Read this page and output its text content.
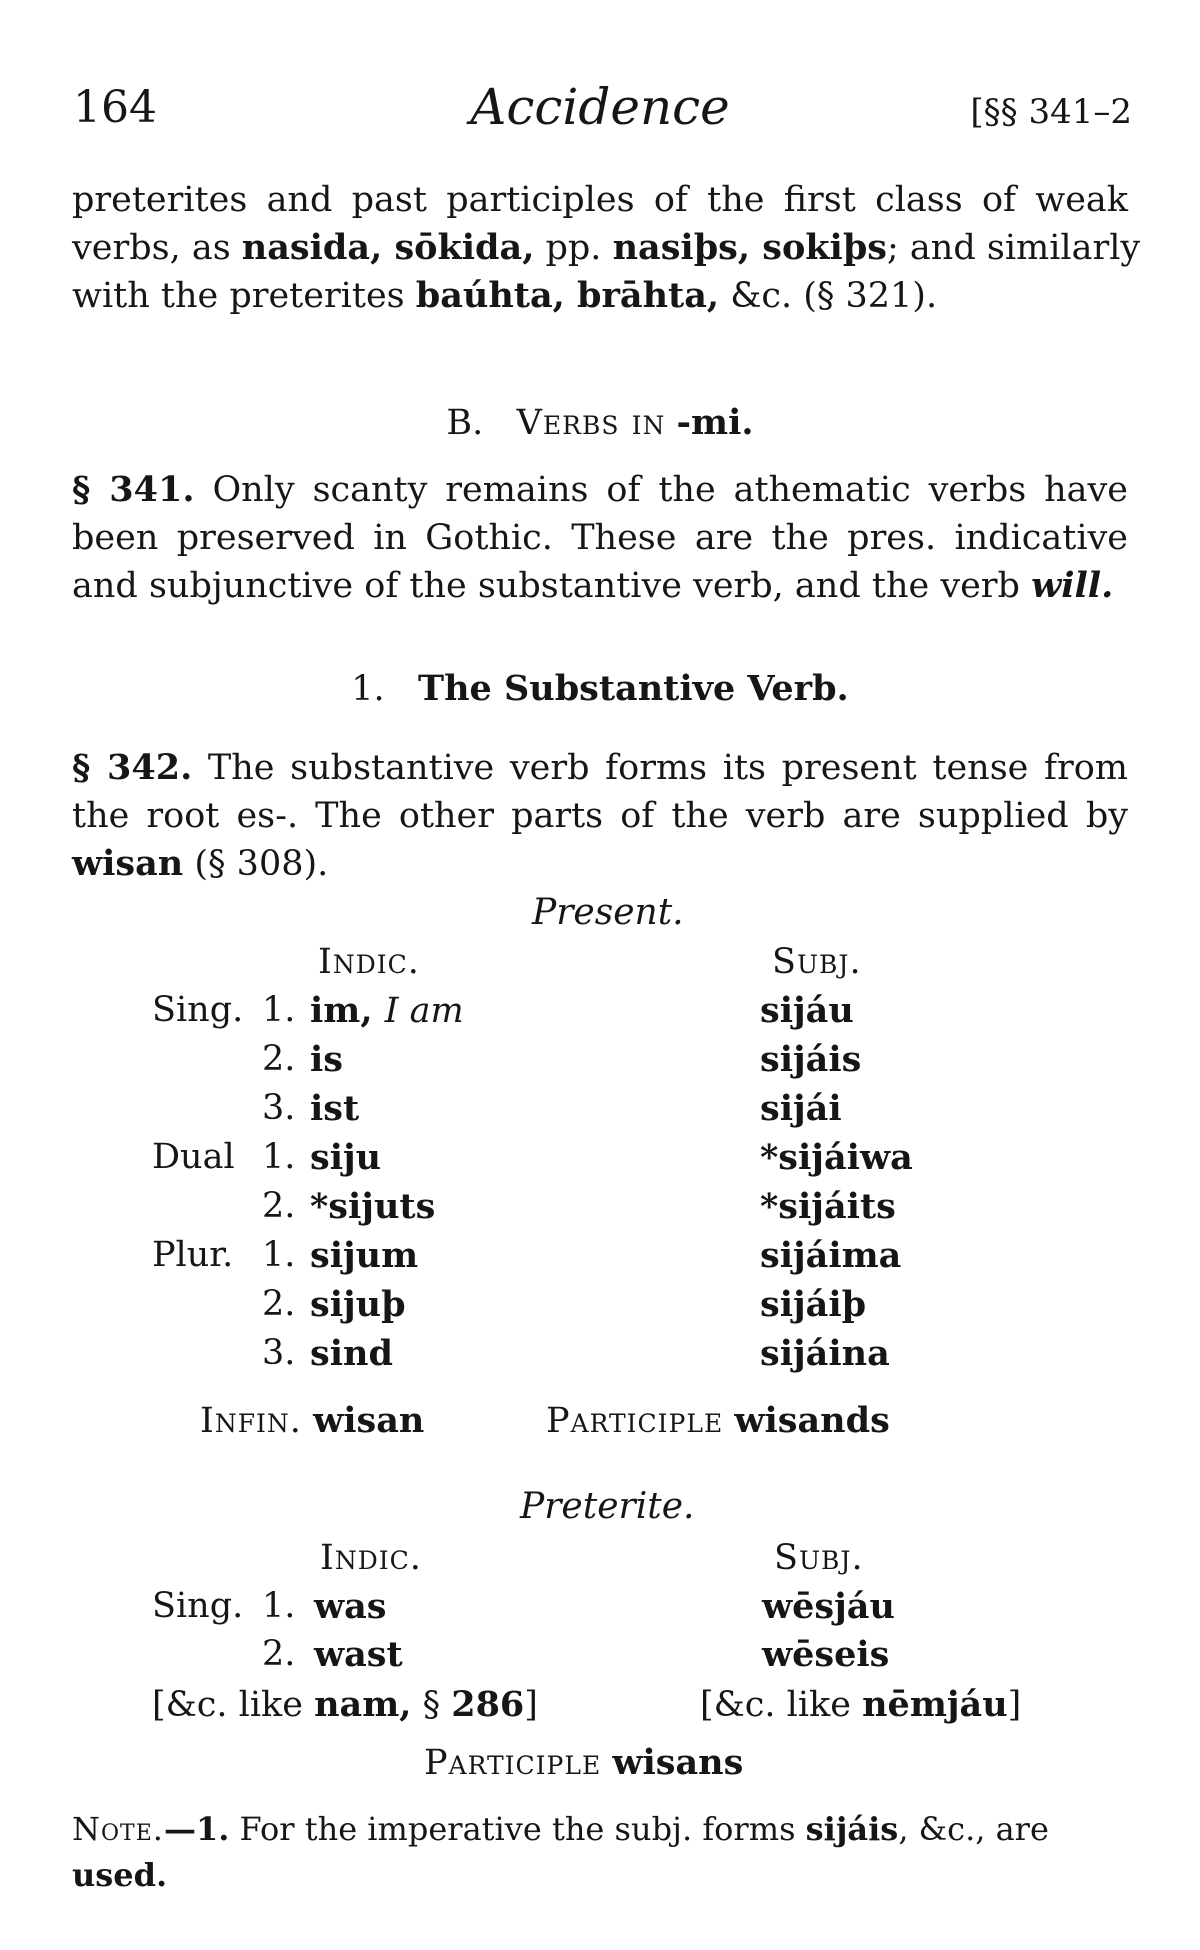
164	Accidence	[§§ 341–2
preterites and past participles of the first class of weak
verbs, as nasida, sōkida, pp. nasiþs, sokiþs; and similarly
with the preterites baúhta, brāhta, &c. (§ 321).
B. Verbs in -mi.
§ 341. Only scanty remains of the athematic verbs have
been preserved in Gothic. These are the pres. indicative
and subjunctive of the substantive verb, and the verb will.
1. The Substantive Verb.
§ 342. The substantive verb forms its present tense from
the root es-. The other parts of the verb are supplied by
wisan (§ 308).
Present.
Indic.	Subj.
Sing. 1. im, I am	sijáu
2. is	sijáis
3. ist	sijái
Dual 1. siju	*sijáiwa
2. *sijuts	*sijáits
Plur. 1. sijum	sijáima
2. sijuþ	sijáiþ
3. sind	sijáina
Infin. wisan	Participle wisands
Preterite.
Indic.	Subj.
Sing. 1. was	wēsjáu
2. wast	wēseis
[&c. like nam, § 286]	[&c. like nēmjáu]
Participle wisans
Note.—1. For the imperative the subj. forms sijáis, &c., are
used.
